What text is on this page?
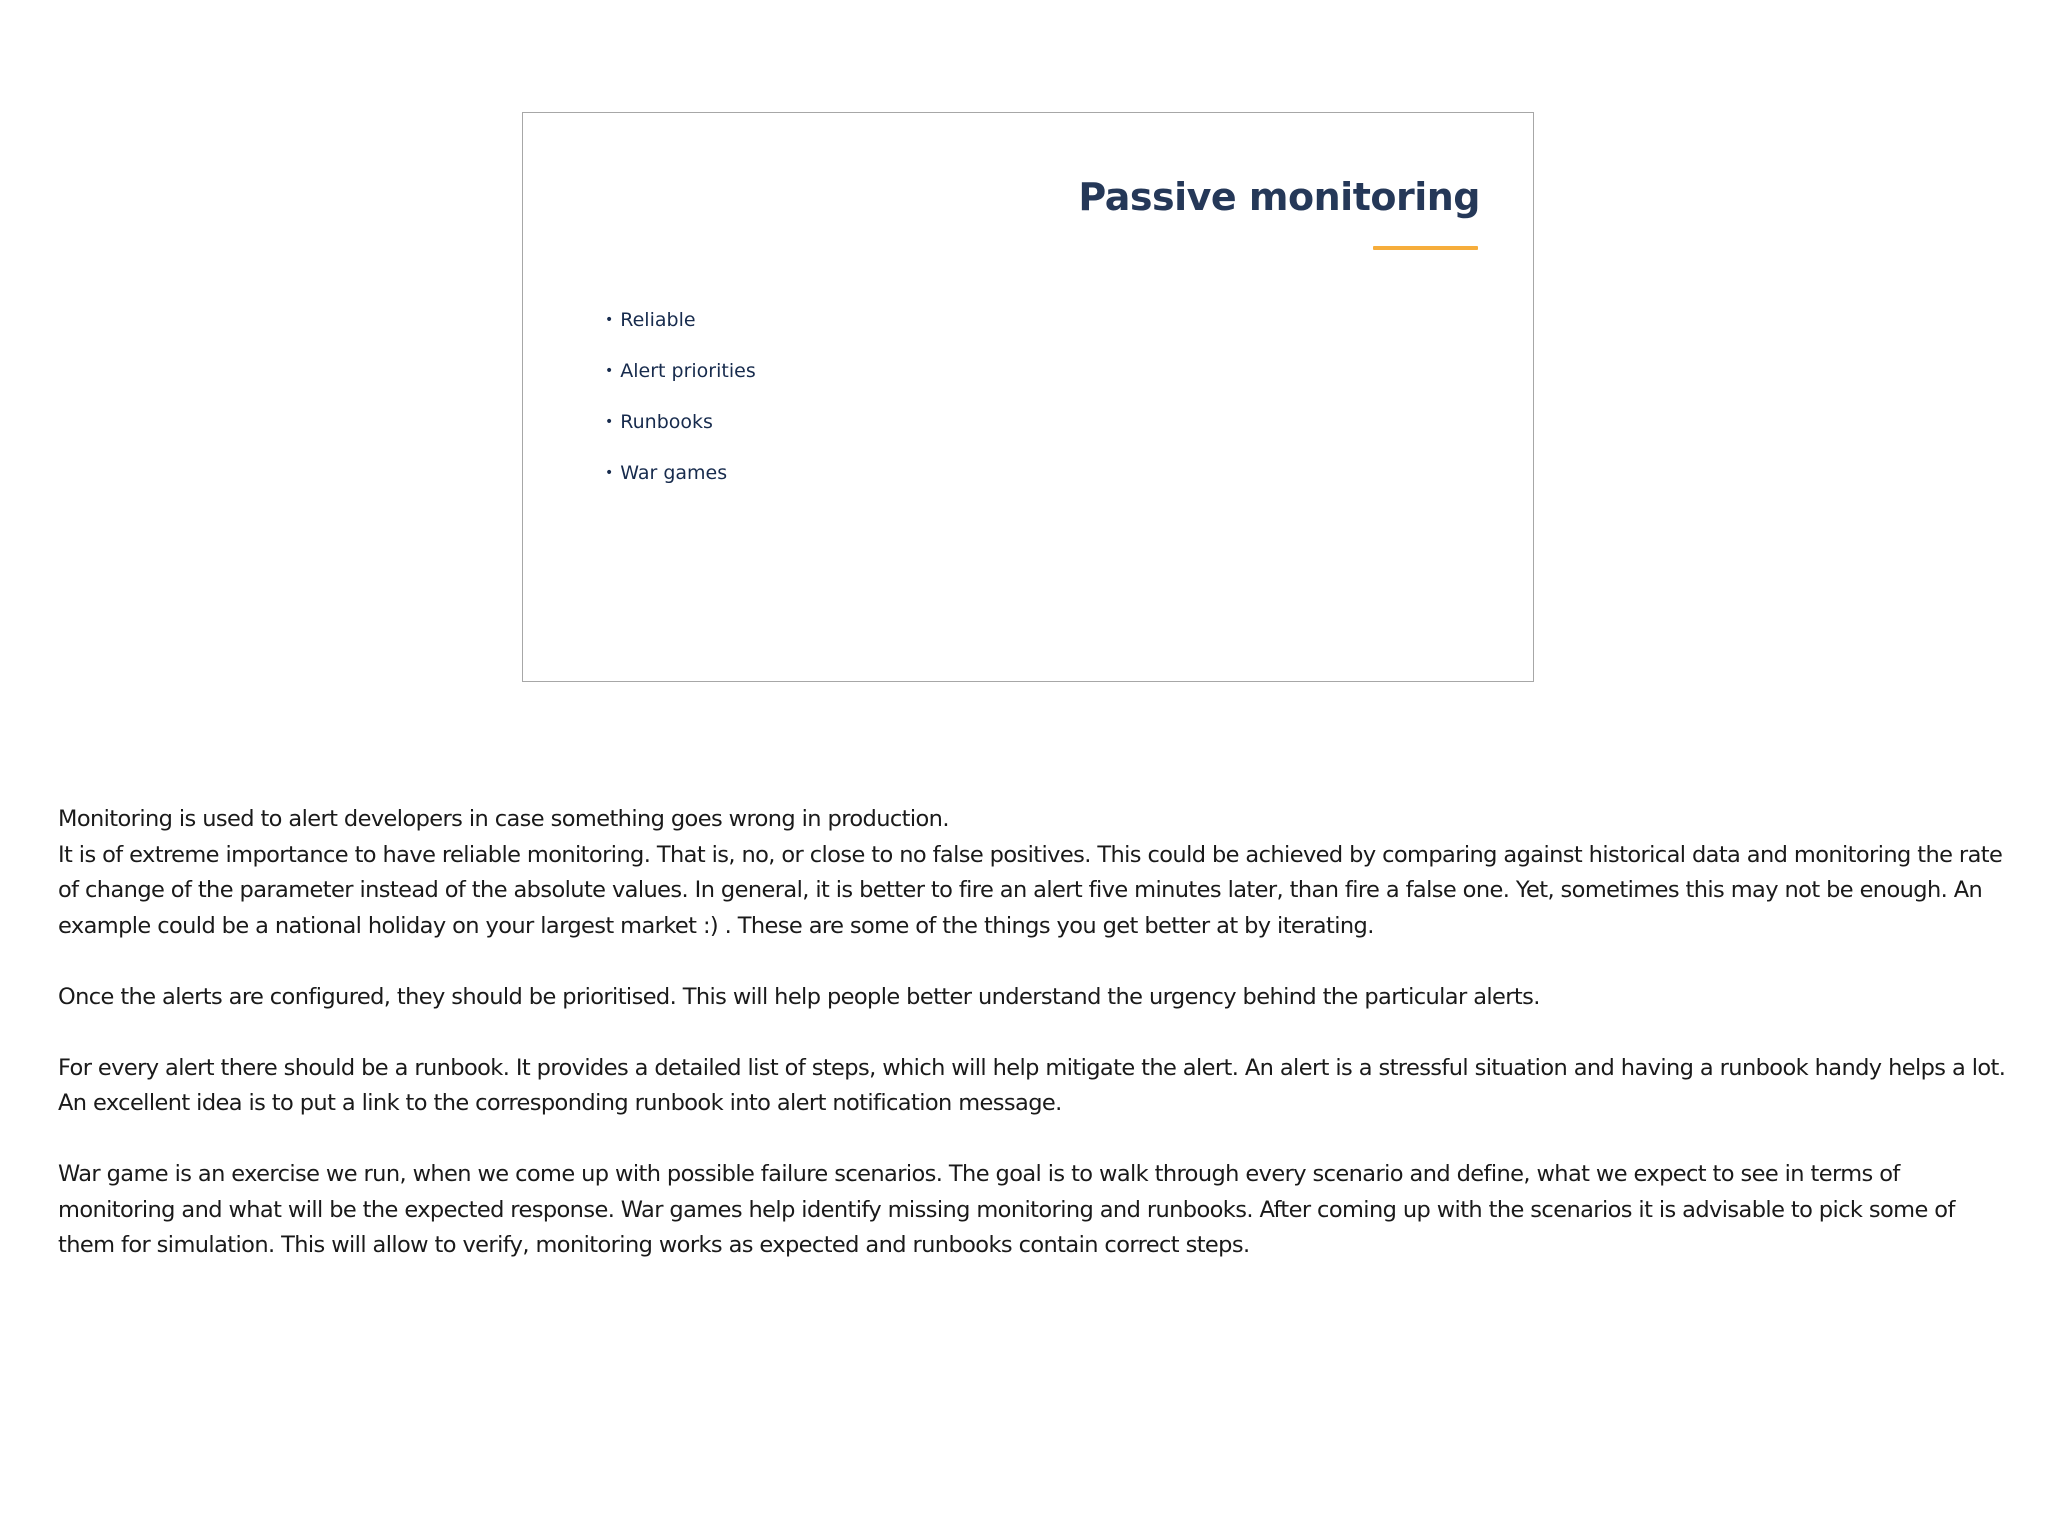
Passive monitoring
• Reliable
• Alert priorities
• Runbooks
• War games

Monitoring is used to alert developers in case something goes wrong in production.
It is of extreme importance to have reliable monitoring. That is, no, or close to no false positives. This could be achieved by comparing against historical data and monitoring the rate of change of the parameter instead of the absolute values. In general, it is better to fire an alert five minutes later, than fire a false one. Yet, sometimes this may not be enough. An example could be a national holiday on your largest market :) . These are some of the things you get better at by iterating.

Once the alerts are configured, they should be prioritised. This will help people better understand the urgency behind the particular alerts.

For every alert there should be a runbook. It provides a detailed list of steps, which will help mitigate the alert. An alert is a stressful situation and having a runbook handy helps a lot. An excellent idea is to put a link to the corresponding runbook into alert notification message.

War game is an exercise we run, when we come up with possible failure scenarios. The goal is to walk through every scenario and define, what we expect to see in terms of monitoring and what will be the expected response. War games help identify missing monitoring and runbooks. After coming up with the scenarios it is advisable to pick some of them for simulation. This will allow to verify, monitoring works as expected and runbooks contain correct steps.
